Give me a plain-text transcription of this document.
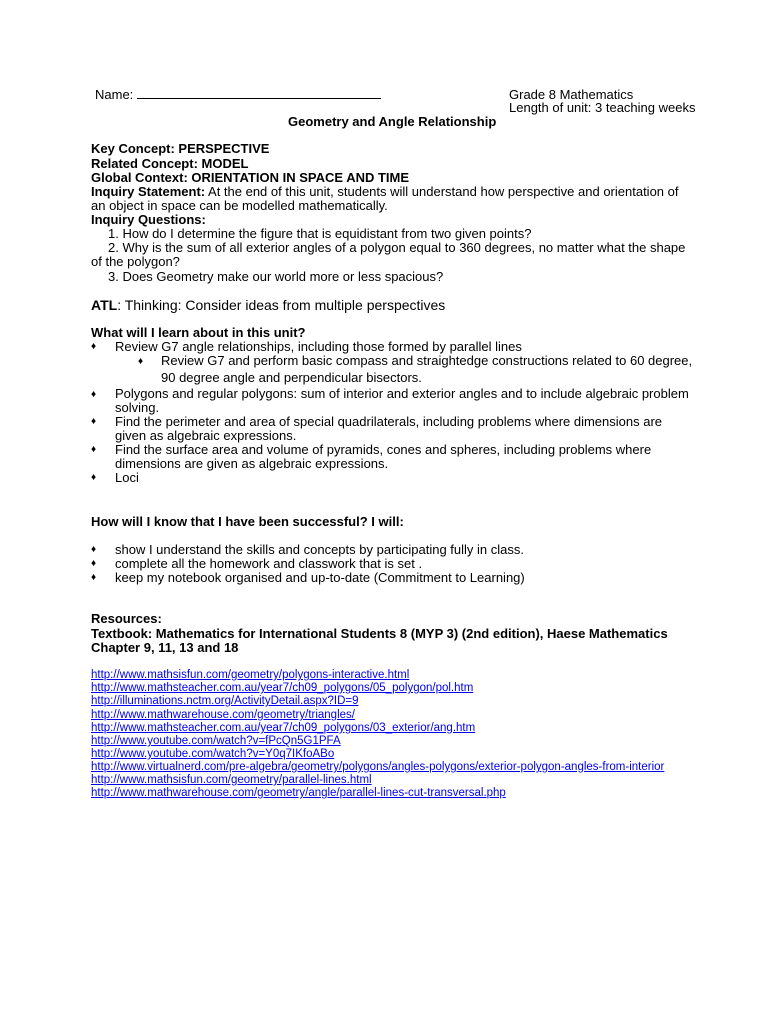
Name:	Grade 8 Mathematics
Length of unit: 3 teaching weeks
Geometry and Angle Relationship
Key Concept: PERSPECTIVE
Related Concept: MODEL
Global Context: ORIENTATION IN SPACE AND TIME
Inquiry Statement: At the end of this unit, students will understand how perspective and orientation of
an object in space can be modelled mathematically.
Inquiry Questions:
1. How do I determine the figure that is equidistant from two given points?
2. Why is the sum of all exterior angles of a polygon equal to 360 degrees, no matter what the shape
of the polygon?
3. Does Geometry make our world more or less spacious?
ATL: Thinking: Consider ideas from multiple perspectives
What will I learn about in this unit?
♦ Review G7 angle relationships, including those formed by parallel lines
♦ Review G7 and perform basic compass and straightedge constructions related to 60 degree,
90 degree angle and perpendicular bisectors.
♦ Polygons and regular polygons: sum of interior and exterior angles and to include algebraic problem
solving.
♦ Find the perimeter and area of special quadrilaterals, including problems where dimensions are
given as algebraic expressions.
♦ Find the surface area and volume of pyramids, cones and spheres, including problems where
dimensions are given as algebraic expressions.
♦ Loci
How will I know that I have been successful? I will:
♦ show I understand the skills and concepts by participating fully in class.
♦ complete all the homework and classwork that is set .
♦ keep my notebook organised and up-to-date (Commitment to Learning)
Resources:
Textbook: Mathematics for International Students 8 (MYP 3) (2nd edition), Haese Mathematics
Chapter 9, 11, 13 and 18
http://www.mathsisfun.com/geometry/polygons-interactive.html
http://www.mathsteacher.com.au/year7/ch09_polygons/05_polygon/pol.htm
http://illuminations.nctm.org/ActivityDetail.aspx?ID=9
http://www.mathwarehouse.com/geometry/triangles/
http://www.mathsteacher.com.au/year7/ch09_polygons/03_exterior/ang.htm
http://www.youtube.com/watch?v=fPcQn5G1PFA
http://www.youtube.com/watch?v=Y0q7IKfoABo
http://www.virtualnerd.com/pre-algebra/geometry/polygons/angles-polygons/exterior-polygon-angles-from-interior
http://www.mathsisfun.com/geometry/parallel-lines.html
http://www.mathwarehouse.com/geometry/angle/parallel-lines-cut-transversal.php
